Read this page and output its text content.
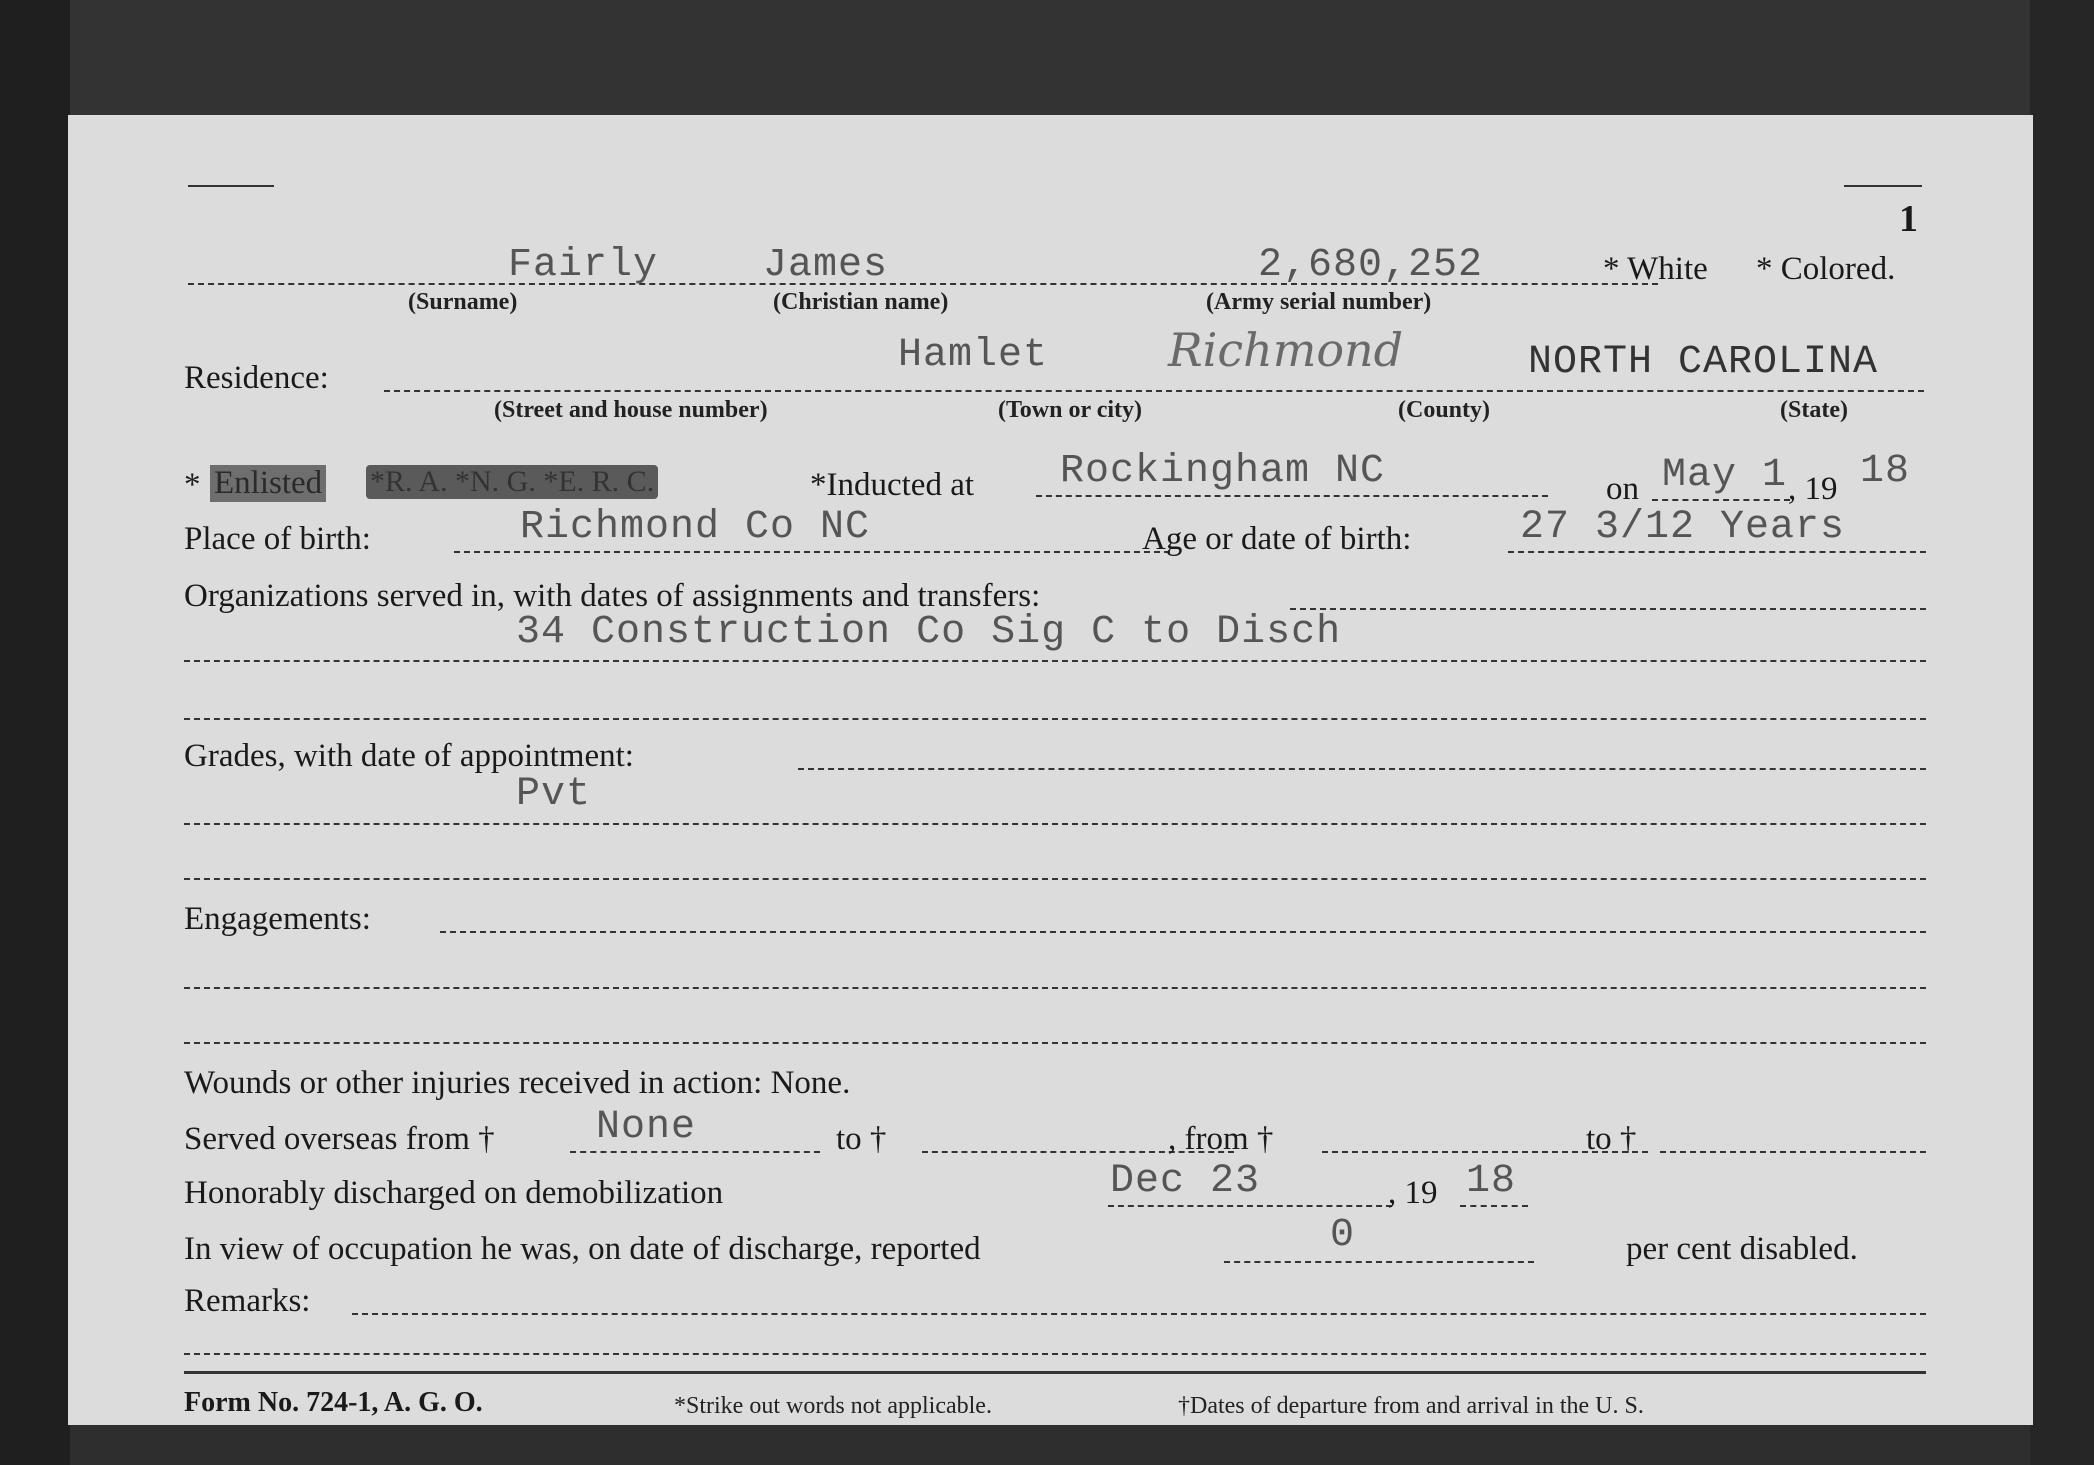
1
Fairly	James	2,680,252	* White * Colored.
(Surname)	(Christian name)	(Army serial number)
Residence:	Hamlet	Richmond	NORTH CAROLINA
(Street and house number)	(Town or city)	(County)	(State)
* Enlisted *R. A. *N. G. *E. R. C.	*Inducted at Rockingham NC	on May 1 , 19 18
Place of birth:	Richmond Co NC	Age or date of birth:	27 3/12 Years
Organizations served in, with dates of assignments and transfers:
34 Construction Co Sig C to Disch
Grades, with date of appointment:
Pvt
Engagements:
Wounds or other injuries received in action: None.
Served overseas from †	None	to †	, from †	to †
Honorably discharged on demobilization	Dec 23	, 19 18
In view of occupation he was, on date of discharge, reported	0	per cent disabled.
Remarks:
Form No. 724-1, A. G. O.	*Strike out words not applicable.	†Dates of departure from and arrival in the U. S.
